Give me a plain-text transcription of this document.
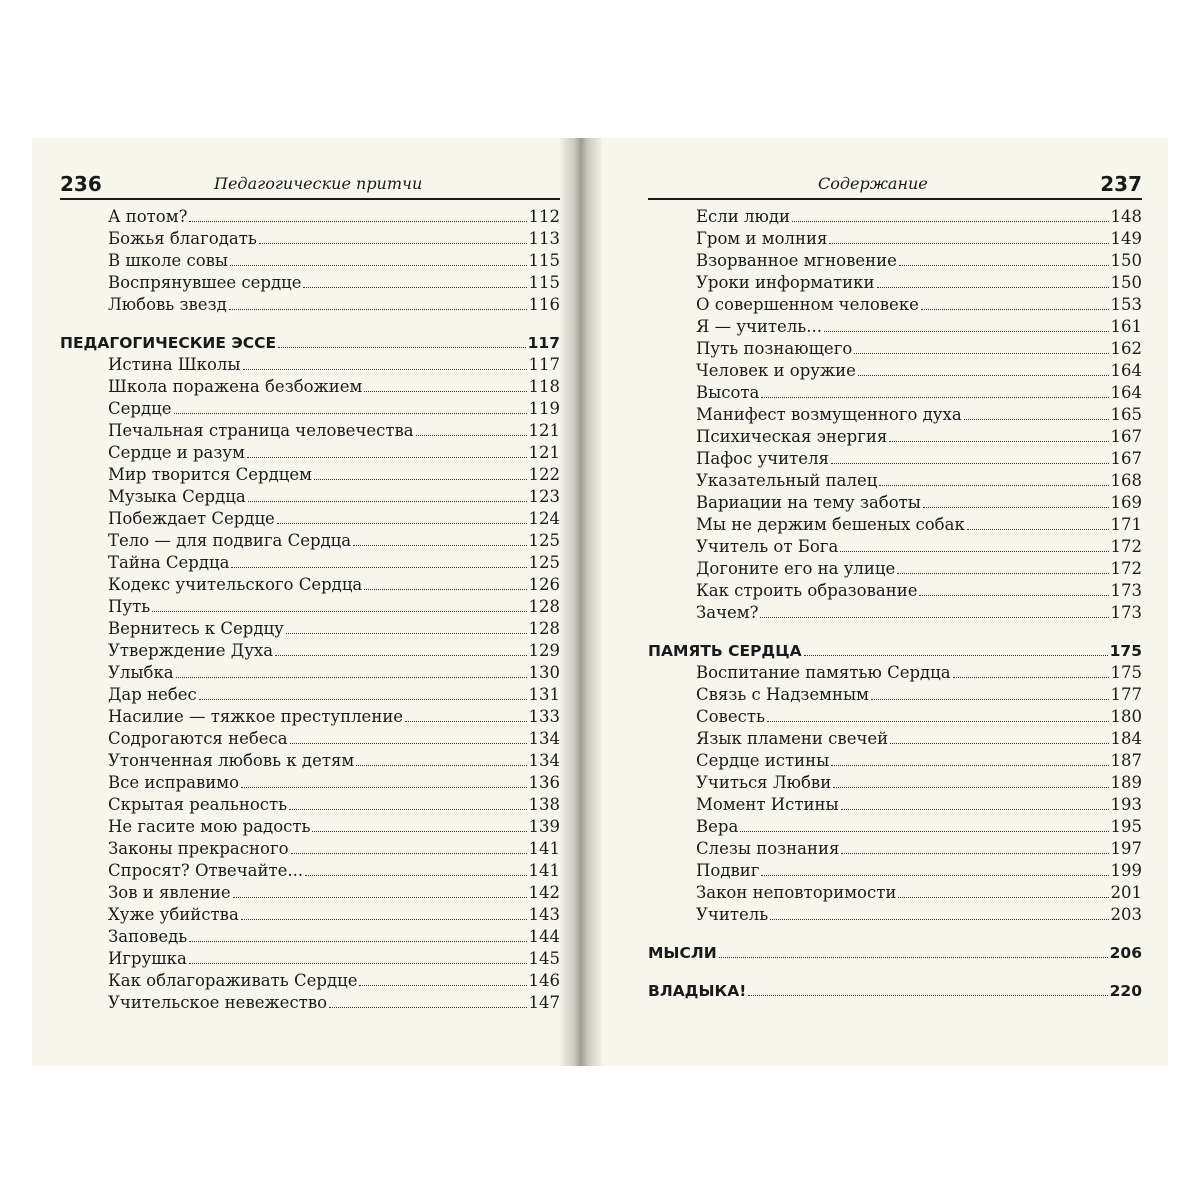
236	Педагогические притчи	Содержание	237
А потом?	112
Божья благодать	113
В школе совы	115
Воспрянувшее сердце	115
Любовь звезд	116
ПЕДАГОГИЧЕСКИЕ ЭССЕ	117
Истина Школы	117
Школа поражена безбожием	118
Сердце	119
Печальная страница человечества	121
Сердце и разум	121
Мир творится Сердцем	122
Музыка Сердца	123
Побеждает Сердце	124
Тело — для подвига Сердца	125
Тайна Сердца	125
Кодекс учительского Сердца	126
Путь	128
Вернитесь к Сердцу	128
Утверждение Духа	129
Улыбка	130
Дар небес	131
Насилие — тяжкое преступление	133
Содрогаются небеса	134
Утонченная любовь к детям	134
Все исправимо	136
Скрытая реальность	138
Не гасите мою радость	139
Законы прекрасного	141
Спросят? Отвечайте...	141
Зов и явление	142
Хуже убийства	143
Заповедь	144
Игрушка	145
Как облагораживать Сердце	146
Учительское невежество	147
Если люди	148
Гром и молния	149
Взорванное мгновение	150
Уроки информатики	150
О совершенном человеке	153
Я — учитель...	161
Путь познающего	162
Человек и оружие	164
Высота	164
Манифест возмущенного духа	165
Психическая энергия	167
Пафос учителя	167
Указательный палец	168
Вариации на тему заботы	169
Мы не держим бешеных собак	171
Учитель от Бога	172
Догоните его на улице	172
Как строить образование	173
Зачем?	173
ПАМЯТЬ СЕРДЦА	175
Воспитание памятью Сердца	175
Связь с Надземным	177
Совесть	180
Язык пламени свечей	184
Сердце истины	187
Учиться Любви	189
Момент Истины	193
Вера	195
Слезы познания	197
Подвиг	199
Закон неповторимости	201
Учитель	203
МЫСЛИ	206
ВЛАДЫКА!	220
